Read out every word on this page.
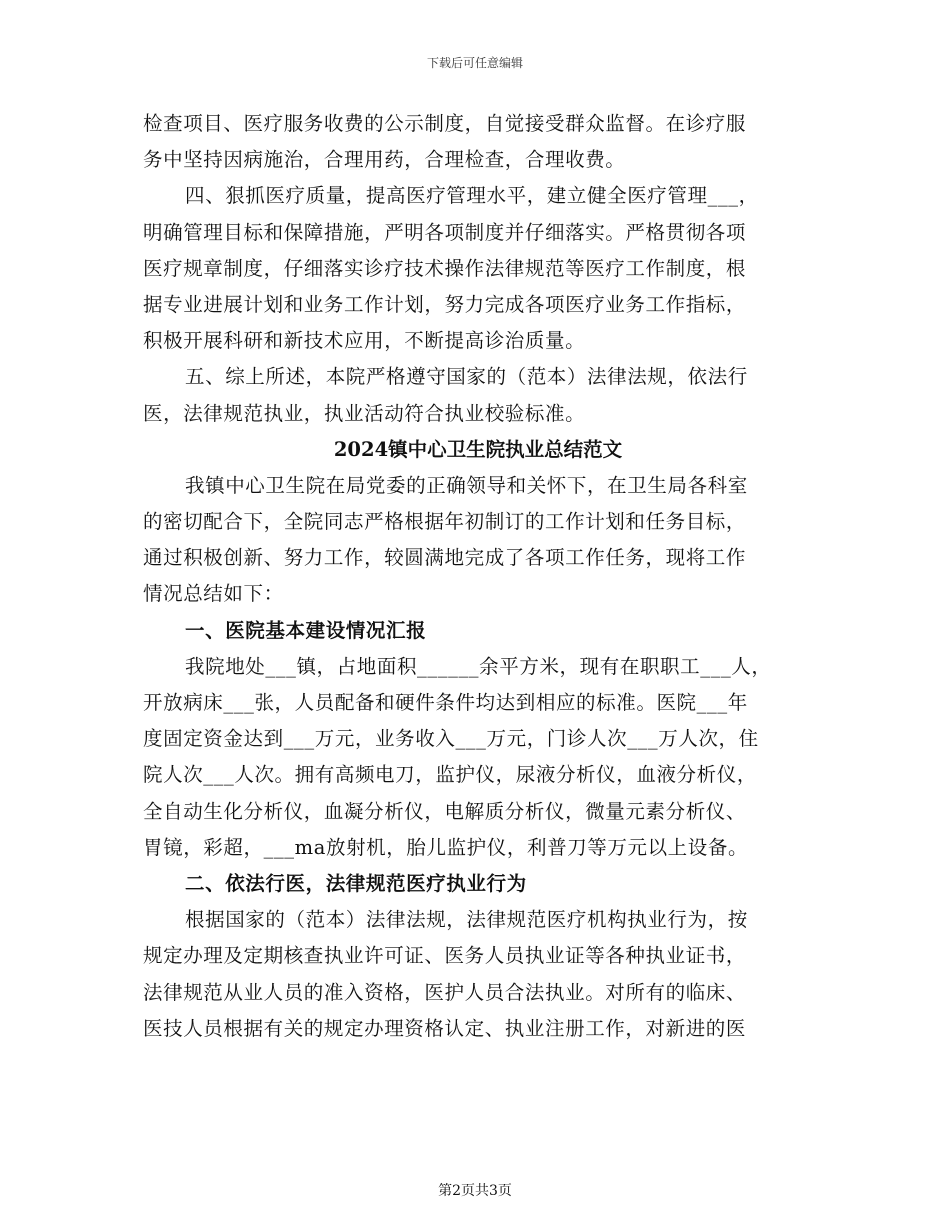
下载后可任意编辑
检查项目、医疗服务收费的公示制度，自觉接受群众监督。在诊疗服
务中坚持因病施治，合理用药，合理检查，合理收费。
四、狠抓医疗质量，提高医疗管理水平，建立健全医疗管理___，
明确管理目标和保障措施，严明各项制度并仔细落实。严格贯彻各项
医疗规章制度，仔细落实诊疗技术操作法律规范等医疗工作制度，根
据专业进展计划和业务工作计划，努力完成各项医疗业务工作指标，
积极开展科研和新技术应用，不断提高诊治质量。
五、综上所述，本院严格遵守国家的（范本）法律法规，依法行
医，法律规范执业，执业活动符合执业校验标准。
2024镇中心卫生院执业总结范文
我镇中心卫生院在局党委的正确领导和关怀下，在卫生局各科室
的密切配合下，全院同志严格根据年初制订的工作计划和任务目标，
通过积极创新、努力工作，较圆满地完成了各项工作任务，现将工作
情况总结如下：
一、医院基本建设情况汇报
我院地处___镇，占地面积______余平方米，现有在职职工___人，
开放病床___张，人员配备和硬件条件均达到相应的标准。医院___年
度固定资金达到___万元，业务收入___万元，门诊人次___万人次，住
院人次___人次。拥有高频电刀，监护仪，尿液分析仪，血液分析仪，
全自动生化分析仪，血凝分析仪，电解质分析仪，微量元素分析仪、
胃镜，彩超，___ma放射机，胎儿监护仪，利普刀等万元以上设备。
二、依法行医，法律规范医疗执业行为
根据国家的（范本）法律法规，法律规范医疗机构执业行为，按
规定办理及定期核查执业许可证、医务人员执业证等各种执业证书，
法律规范从业人员的准入资格，医护人员合法执业。对所有的临床、
医技人员根据有关的规定办理资格认定、执业注册工作，对新进的医
第2页共3页
